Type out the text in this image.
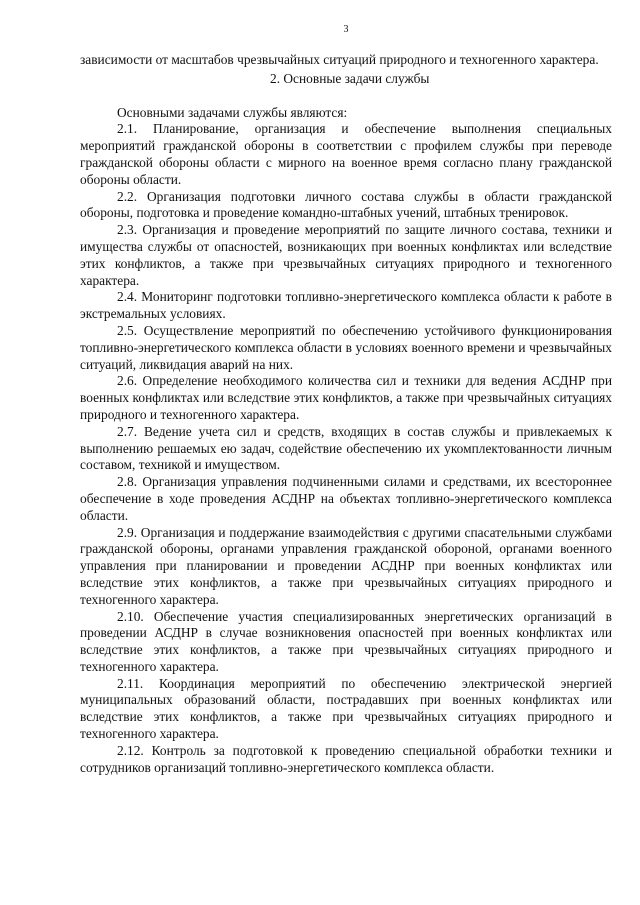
3

зависимости от масштабов чрезвычайных ситуаций природного и техногенного характера.

2. Основные задачи службы

Основными задачами службы являются:

2.1. Планирование, организация и обеспечение выполнения специальных мероприятий гражданской обороны в соответствии с профилем службы при переводе гражданской обороны области с мирного на военное время согласно плану гражданской обороны области.

2.2. Организация подготовки личного состава службы в области гражданской обороны, подготовка и проведение командно-штабных учений, штабных тренировок.

2.3. Организация и проведение мероприятий по защите личного состава, техники и имущества службы от опасностей, возникающих при военных конфликтах или вследствие этих конфликтов, а также при чрезвычайных ситуациях природного и техногенного характера.

2.4. Мониторинг подготовки топливно-энергетического комплекса области к работе в экстремальных условиях.

2.5. Осуществление мероприятий по обеспечению устойчивого функционирования топливно-энергетического комплекса области в условиях военного времени и чрезвычайных ситуаций, ликвидация аварий на них.

2.6. Определение необходимого количества сил и техники для ведения АСДНР при военных конфликтах или вследствие этих конфликтов, а также при чрезвычайных ситуациях природного и техногенного характера.

2.7. Ведение учета сил и средств, входящих в состав службы и привлекаемых к выполнению решаемых ею задач, содействие обеспечению их укомплектованности личным составом, техникой и имуществом.

2.8. Организация управления подчиненными силами и средствами, их всестороннее обеспечение в ходе проведения АСДНР на объектах топливно-энергетического комплекса области.

2.9. Организация и поддержание взаимодействия с другими спасательными службами гражданской обороны, органами управления гражданской обороной, органами военного управления при планировании и проведении АСДНР при военных конфликтах или вследствие этих конфликтов, а также при чрезвычайных ситуациях природного и техногенного характера.

2.10. Обеспечение участия специализированных энергетических организаций в проведении АСДНР в случае возникновения опасностей при военных конфликтах или вследствие этих конфликтов, а также при чрезвычайных ситуациях природного и техногенного характера.

2.11. Координация мероприятий по обеспечению электрической энергией муниципальных образований области, пострадавших при военных конфликтах или вследствие этих конфликтов, а также при чрезвычайных ситуациях природного и техногенного характера.

2.12. Контроль за подготовкой к проведению специальной обработки техники и сотрудников организаций топливно-энергетического комплекса области.
